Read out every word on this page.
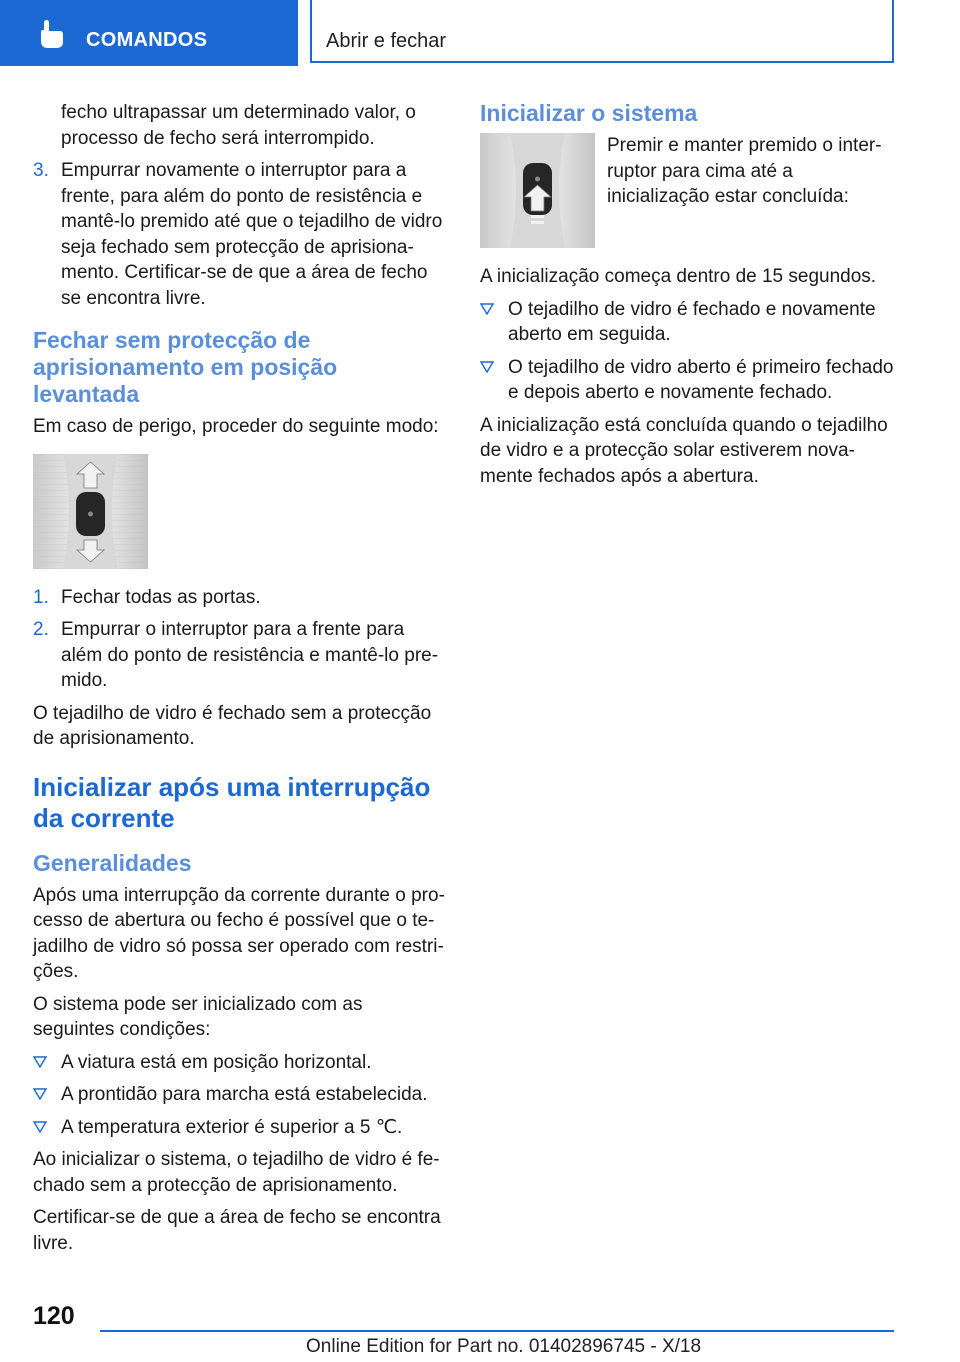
COMANDOS	Abrir e fechar
fecho ultrapassar um determinado valor, o processo de fecho será interrompido.
3. Empurrar novamente o interruptor para a frente, para além do ponto de resistência e mantê-lo premido até que o tejadilho de vidro seja fechado sem protecção de aprisionamento. Certificar-se de que a área de fecho se encontra livre.
Fechar sem protecção de aprisionamento em posição levantada

Em caso de perigo, proceder do seguinte modo:

1. Fechar todas as portas.
2. Empurrar o interruptor para a frente para além do ponto de resistência e mantê-lo premido.

O tejadilho de vidro é fechado sem a protecção de aprisionamento.

Inicializar após uma interrupção da corrente
Generalidades

Após uma interrupção da corrente durante o processo de abertura ou fecho é possível que o tejadilho de vidro só possa ser operado com restrições.

O sistema pode ser inicializado com as seguintes condições:

A viatura está em posição horizontal.
A prontidão para marcha está estabelecida.
A temperatura exterior é superior a 5 ℃.

Ao inicializar o sistema, o tejadilho de vidro é fechado sem a protecção de aprisionamento.

Certificar-se de que a área de fecho se encontra livre.

Inicializar o sistema
Premir e manter premido o interruptor para cima até a inicialização estar concluída:

A inicialização começa dentro de 15 segundos.

O tejadilho de vidro é fechado e novamente aberto em seguida.
O tejadilho de vidro aberto é primeiro fechado e depois aberto e novamente fechado.

A inicialização está concluída quando o tejadilho de vidro e a protecção solar estiverem novamente fechados após a abertura.

120
Online Edition for Part no. 01402896745 - X/18
